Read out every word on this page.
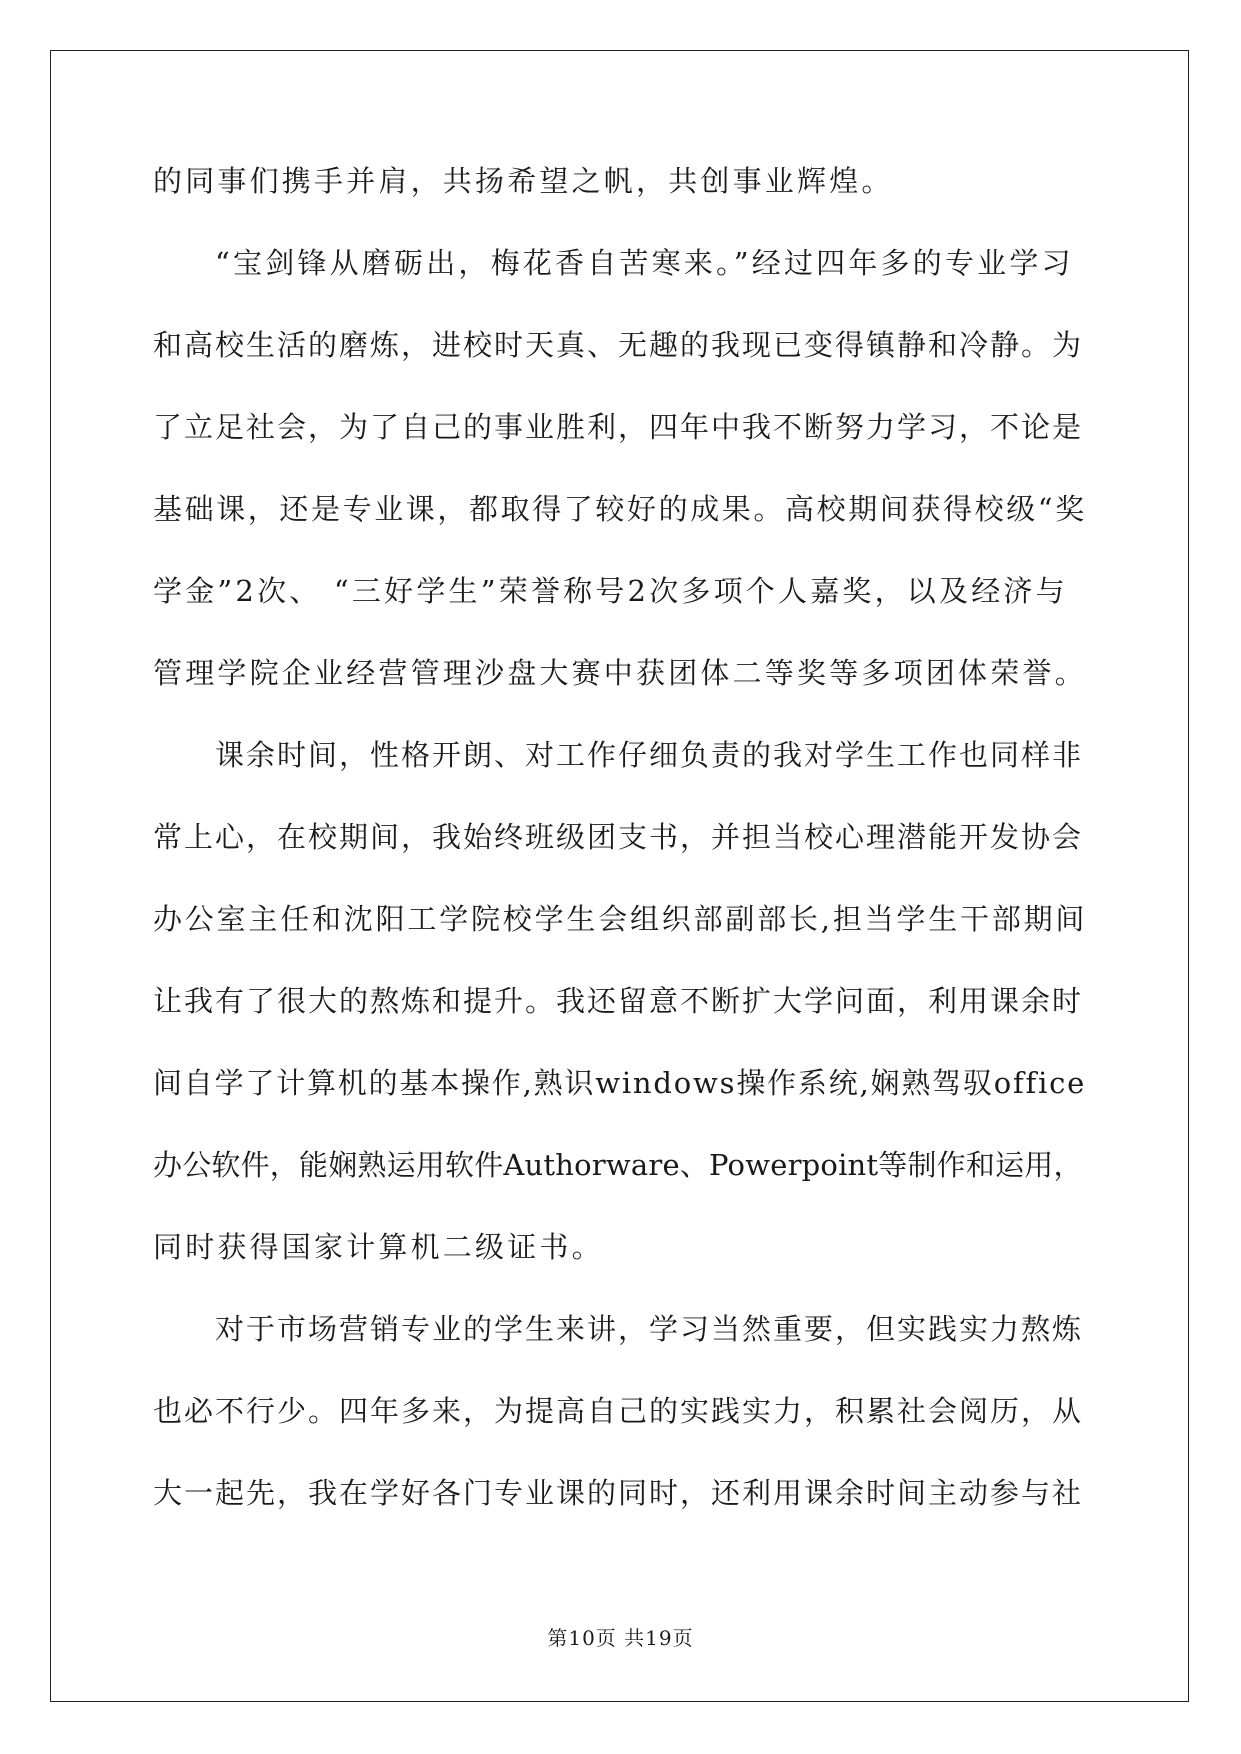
的同事们携手并肩，共扬希望之帆，共创事业辉煌。
“宝剑锋从磨砺出，梅花香自苦寒来。”经过四年多的专业学习
和高校生活的磨炼，进校时天真、无趣的我现已变得镇静和冷静。为
了立足社会，为了自己的事业胜利，四年中我不断努力学习，不论是
基础课，还是专业课，都取得了较好的成果。高校期间获得校级“奖
学金”2次、 “三好学生”荣誉称号2次多项个人嘉奖，以及经济与
管理学院企业经营管理沙盘大赛中获团体二等奖等多项团体荣誉。
课余时间，性格开朗、对工作仔细负责的我对学生工作也同样非
常上心，在校期间，我始终班级团支书，并担当校心理潜能开发协会
办公室主任和沈阳工学院校学生会组织部副部长,担当学生干部期间
让我有了很大的熬炼和提升。我还留意不断扩大学问面，利用课余时
间自学了计算机的基本操作,熟识windows操作系统,娴熟驾驭office
办公软件，能娴熟运用软件Authorware、Powerpoint等制作和运用，
同时获得国家计算机二级证书。
对于市场营销专业的学生来讲，学习当然重要，但实践实力熬炼
也必不行少。四年多来，为提高自己的实践实力，积累社会阅历，从
大一起先，我在学好各门专业课的同时，还利用课余时间主动参与社
第10页 共19页
